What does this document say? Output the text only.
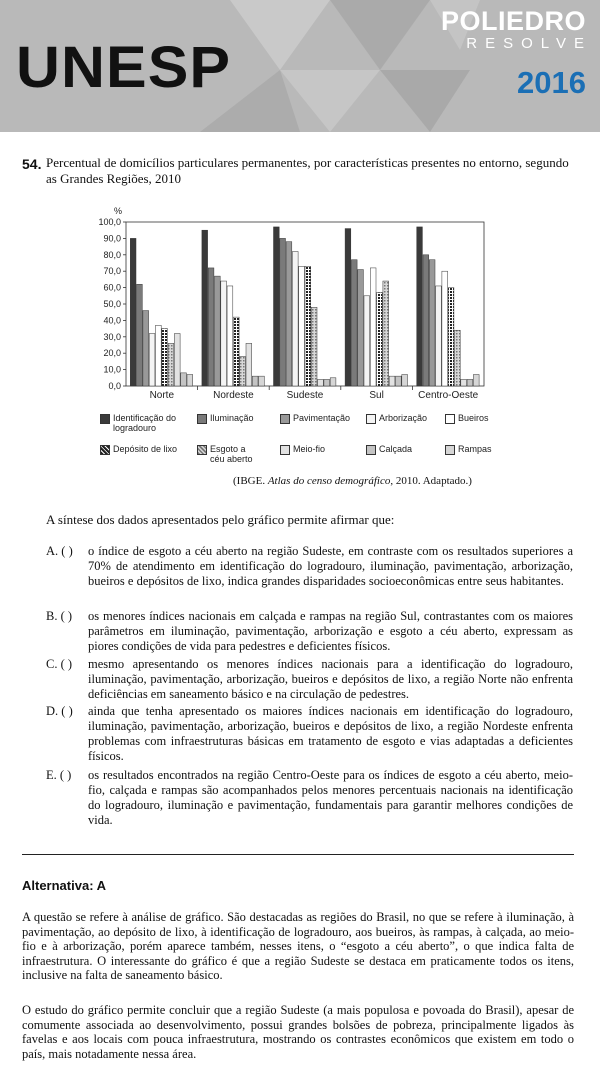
UNESP
POLIEDRO
RESOLVE
2016
54. Percentual de domicílios particulares permanentes, por características presentes no entorno, segundo as Grandes Regiões, 2010
%
0,0
10,0
20,0
30,0
40,0
50,0
60,0
70,0
80,0
90,0
100,0
Norte	Nordeste	Sudeste	Sul	Centro-Oeste
Identificação do
logradouro
Iluminação	Pavimentação	Arborização	Bueiros
Depósito de lixo	Esgoto a
céu aberto
Meio-fio	Calçada	Rampas
(IBGE. Atlas do censo demográfico, 2010. Adaptado.)
A síntese dos dados apresentados pelo gráfico permite afirmar que:
A. ( ) o índice de esgoto a céu aberto na região Sudeste, em contraste com os resultados superiores a 70% de atendimento em identificação do logradouro, iluminação, pavimentação, arborização, bueiros e depósitos de lixo, indica grandes disparidades socioeconômicas entre seus habitantes.
B. ( ) os menores índices nacionais em calçada e rampas na região Sul, contrastantes com os maiores parâmetros em iluminação, pavimentação, arborização e esgoto a céu aberto, expressam as piores condições de vida para pedestres e deficientes físicos.
C. ( ) mesmo apresentando os menores índices nacionais para a identificação do logradouro, iluminação, pavimentação, arborização, bueiros e depósitos de lixo, a região Norte não enfrenta deficiências em saneamento básico e na circulação de pedestres.
D. ( ) ainda que tenha apresentado os maiores índices nacionais em identificação do logradouro, iluminação, pavimentação, arborização, bueiros e depósitos de lixo, a região Nordeste enfrenta problemas com infraestruturas básicas em tratamento de esgoto e vias adaptadas a deficientes físicos.
E. ( ) os resultados encontrados na região Centro-Oeste para os índices de esgoto a céu aberto, meio-fio, calçada e rampas são acompanhados pelos menores percentuais nacionais na identificação do logradouro, iluminação e pavimentação, fundamentais para garantir melhores condições de vida.
Alternativa: A
A questão se refere à análise de gráfico. São destacadas as regiões do Brasil, no que se refere à iluminação, à pavimentação, ao depósito de lixo, à identificação de logradouro, aos bueiros, às rampas, à calçada, ao meio-fio e à arborização, porém aparece também, nesses itens, o “esgoto a céu aberto”, o que indica falta de infraestrutura. O interessante do gráfico é que a região Sudeste se destaca em praticamente todos os itens, inclusive na falta de saneamento básico.
O estudo do gráfico permite concluir que a região Sudeste (a mais populosa e povoada do Brasil), apesar de comumente associada ao desenvolvimento, possui grandes bolsões de pobreza, principalmente ligados às favelas e aos locais com pouca infraestrutura, mostrando os contrastes econômicos que existem em todo o país, mais notadamente nessa área.
